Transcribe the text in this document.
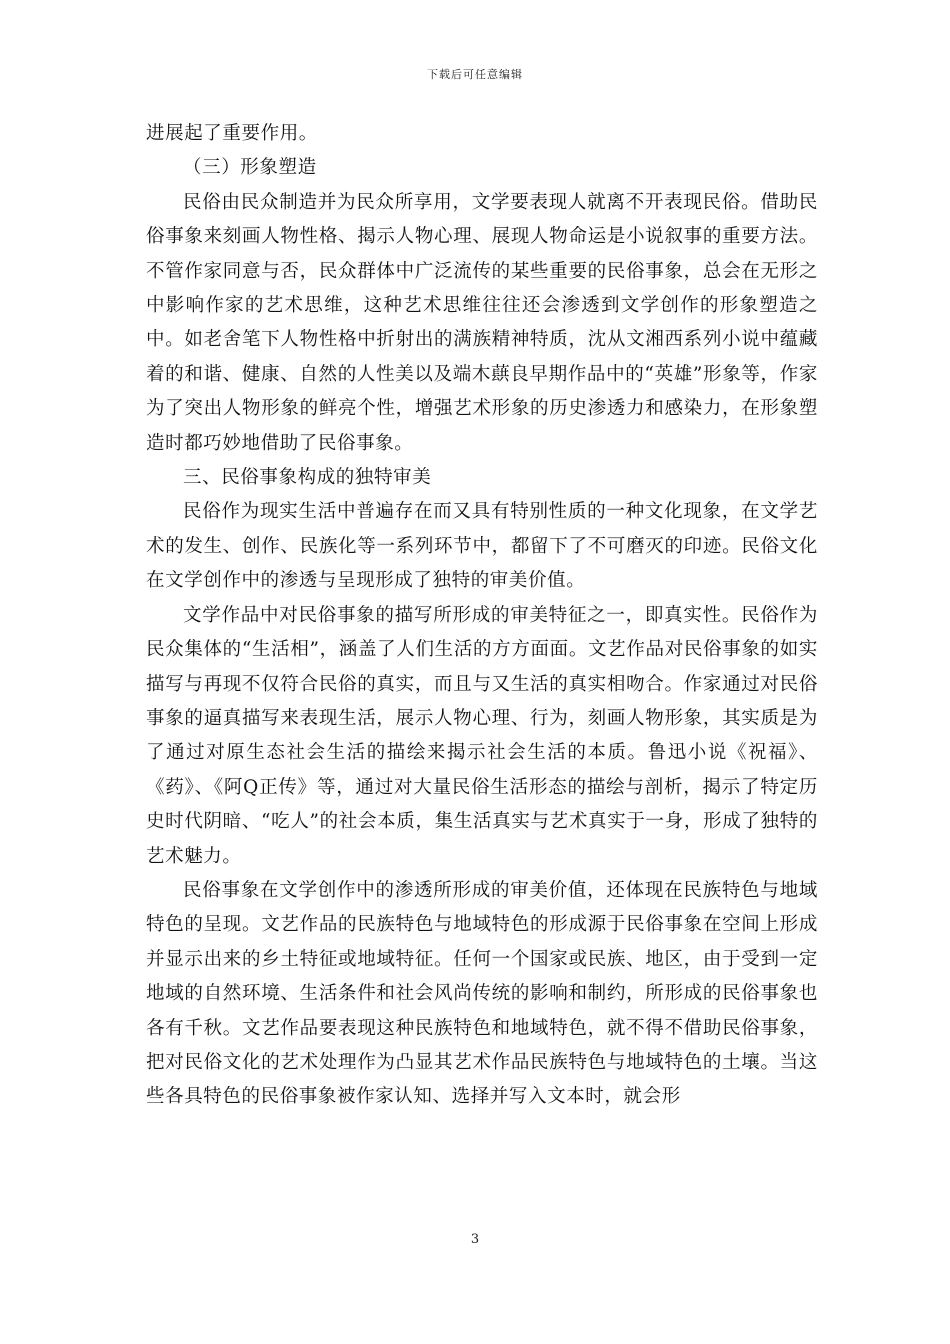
下载后可任意编辑

进展起了重要作用。

（三）形象塑造

民俗由民众制造并为民众所享用，文学要表现人就离不开表现民俗。借助民俗事象来刻画人物性格、揭示人物心理、展现人物命运是小说叙事的重要方法。不管作家同意与否，民众群体中广泛流传的某些重要的民俗事象，总会在无形之中影响作家的艺术思维，这种艺术思维往往还会渗透到文学创作的形象塑造之中。如老舍笔下人物性格中折射出的满族精神特质，沈从文湘西系列小说中蕴藏着的和谐、健康、自然的人性美以及端木蕻良早期作品中的“英雄”形象等，作家为了突出人物形象的鲜亮个性，增强艺术形象的历史渗透力和感染力，在形象塑造时都巧妙地借助了民俗事象。

三、民俗事象构成的独特审美

民俗作为现实生活中普遍存在而又具有特别性质的一种文化现象，在文学艺术的发生、创作、民族化等一系列环节中，都留下了不可磨灭的印迹。民俗文化在文学创作中的渗透与呈现形成了独特的审美价值。

文学作品中对民俗事象的描写所形成的审美特征之一，即真实性。民俗作为民众集体的“生活相”，涵盖了人们生活的方方面面。文艺作品对民俗事象的如实描写与再现不仅符合民俗的真实，而且与又生活的真实相吻合。作家通过对民俗事象的逼真描写来表现生活，展示人物心理、行为，刻画人物形象，其实质是为了通过对原生态社会生活的描绘来揭示社会生活的本质。鲁迅小说《祝福》、《药》、《阿Q正传》等，通过对大量民俗生活形态的描绘与剖析，揭示了特定历史时代阴暗、“吃人”的社会本质，集生活真实与艺术真实于一身，形成了独特的艺术魅力。

民俗事象在文学创作中的渗透所形成的审美价值，还体现在民族特色与地域特色的呈现。文艺作品的民族特色与地域特色的形成源于民俗事象在空间上形成并显示出来的乡土特征或地域特征。任何一个国家或民族、地区，由于受到一定地域的自然环境、生活条件和社会风尚传统的影响和制约，所形成的民俗事象也各有千秋。文艺作品要表现这种民族特色和地域特色，就不得不借助民俗事象，把对民俗文化的艺术处理作为凸显其艺术作品民族特色与地域特色的土壤。当这些各具特色的民俗事象被作家认知、选择并写入文本时，就会形

3
